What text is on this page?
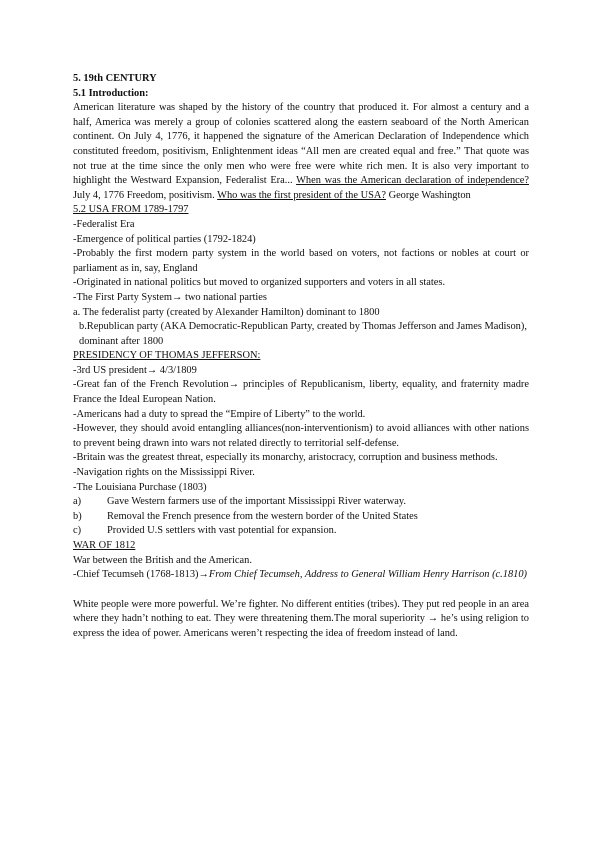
5. 19th CENTURY

5.1 Introduction:

American literature was shaped by the history of the country that produced it. For almost a century and a half, America was merely a group of colonies scattered along the eastern seaboard of the North American continent. On July 4, 1776, it happened the signature of the American Declaration of Independence which constituted freedom, positivism, Enlightenment ideas “All men are created equal and free.” That quote was not true at the time since the only men who were free were white rich men. It is also very important to highlight the Westward Expansion, Federalist Era... When was the American declaration of independence? July 4, 1776 Freedom, positivism. Who was the first president of the USA? George Washington

5.2 USA FROM 1789-1797

-Federalist Era

-Emergence of political parties (1792-1824)

-Probably the first modern party system in the world based on voters, not factions or nobles at court or parliament as in, say, England

-Originated in national politics but moved to organized supporters and voters in all states.

-The First Party System→ two national parties

a. The federalist party (created by Alexander Hamilton) dominant to 1800

b.Republican party (AKA Democratic-Republican Party, created by Thomas Jefferson and James Madison), dominant after 1800

PRESIDENCY OF THOMAS JEFFERSON:

-3rd US president→ 4/3/1809

-Great fan of the French Revolution→ principles of Republicanism, liberty, equality, and fraternity madre France the Ideal European Nation.

-Americans had a duty to spread the “Empire of Liberty” to the world.

-However, they should avoid entangling alliances(non-interventionism) to avoid alliances with other nations to prevent being drawn into wars not related directly to territorial self-defense.

-Britain was the greatest threat, especially its monarchy, aristocracy, corruption and business methods.

-Navigation rights on the Mississippi River.

-The Louisiana Purchase (1803)

a)	Gave Western farmers use of the important Mississippi River waterway.
b)	Removal the French presence from the western border of the United States
c)	Provided U.S settlers with vast potential for expansion.

WAR OF 1812

War between the British and the American.

-Chief Tecumseh (1768-1813)→From Chief Tecumseh, Address to General William Henry Harrison (c.1810)

White people were more powerful. We’re fighter. No different entities (tribes). They put red people in an area where they hadn’t nothing to eat. They were threatening them.The moral superiority → he’s using religion to express the idea of power. Americans weren’t respecting the idea of freedom instead of land.
